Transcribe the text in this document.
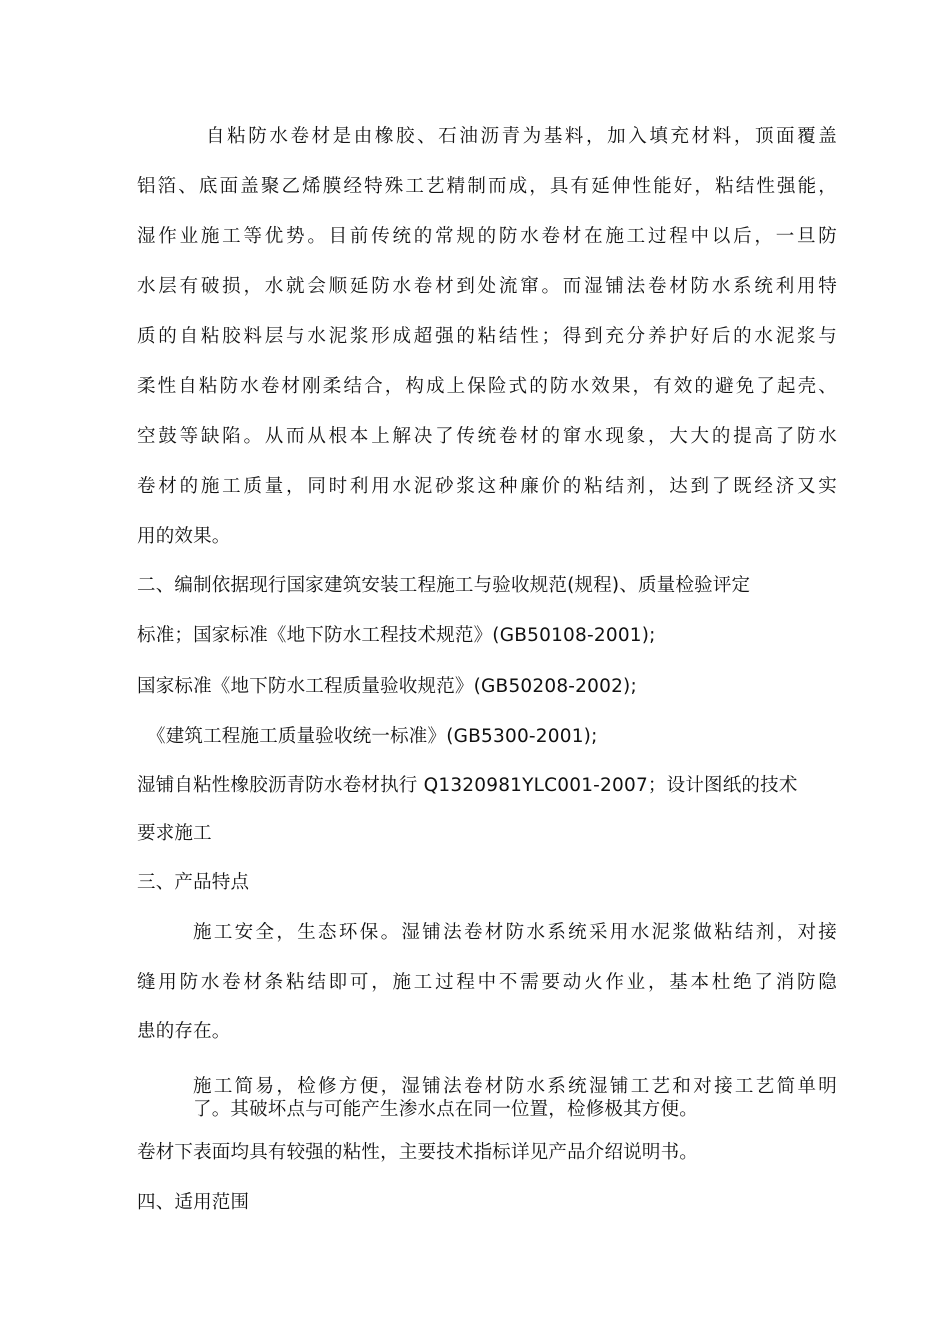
自粘防水卷材是由橡胶、石油沥青为基料，加入填充材料，顶面覆盖
铝箔、底面盖聚乙烯膜经特殊工艺精制而成，具有延伸性能好，粘结性强能，
湿作业施工等优势。目前传统的常规的防水卷材在施工过程中以后，一旦防
水层有破损，水就会顺延防水卷材到处流窜。而湿铺法卷材防水系统利用特
质的自粘胶料层与水泥浆形成超强的粘结性；得到充分养护好后的水泥浆与
柔性自粘防水卷材刚柔结合，构成上保险式的防水效果，有效的避免了起壳、
空鼓等缺陷。从而从根本上解决了传统卷材的窜水现象，大大的提高了防水
卷材的施工质量，同时利用水泥砂浆这种廉价的粘结剂，达到了既经济又实
用的效果。
二、编制依据现行国家建筑安装工程施工与验收规范(规程)、质量检验评定
标准；国家标准《地下防水工程技术规范》(GB50108-2001);
国家标准《地下防水工程质量验收规范》(GB50208-2002);
《建筑工程施工质量验收统一标准》(GB5300-2001);
湿铺自粘性橡胶沥青防水卷材执行 Q1320981YLC001-2007；设计图纸的技术
要求施工
三、产品特点
施工安全，生态环保。湿铺法卷材防水系统采用水泥浆做粘结剂，对接
缝用防水卷材条粘结即可，施工过程中不需要动火作业，基本杜绝了消防隐
患的存在。
施工简易，检修方便，湿铺法卷材防水系统湿铺工艺和对接工艺简单明
了。其破坏点与可能产生渗水点在同一位置，检修极其方便。
卷材下表面均具有较强的粘性，主要技术指标详见产品介绍说明书。
四、适用范围
